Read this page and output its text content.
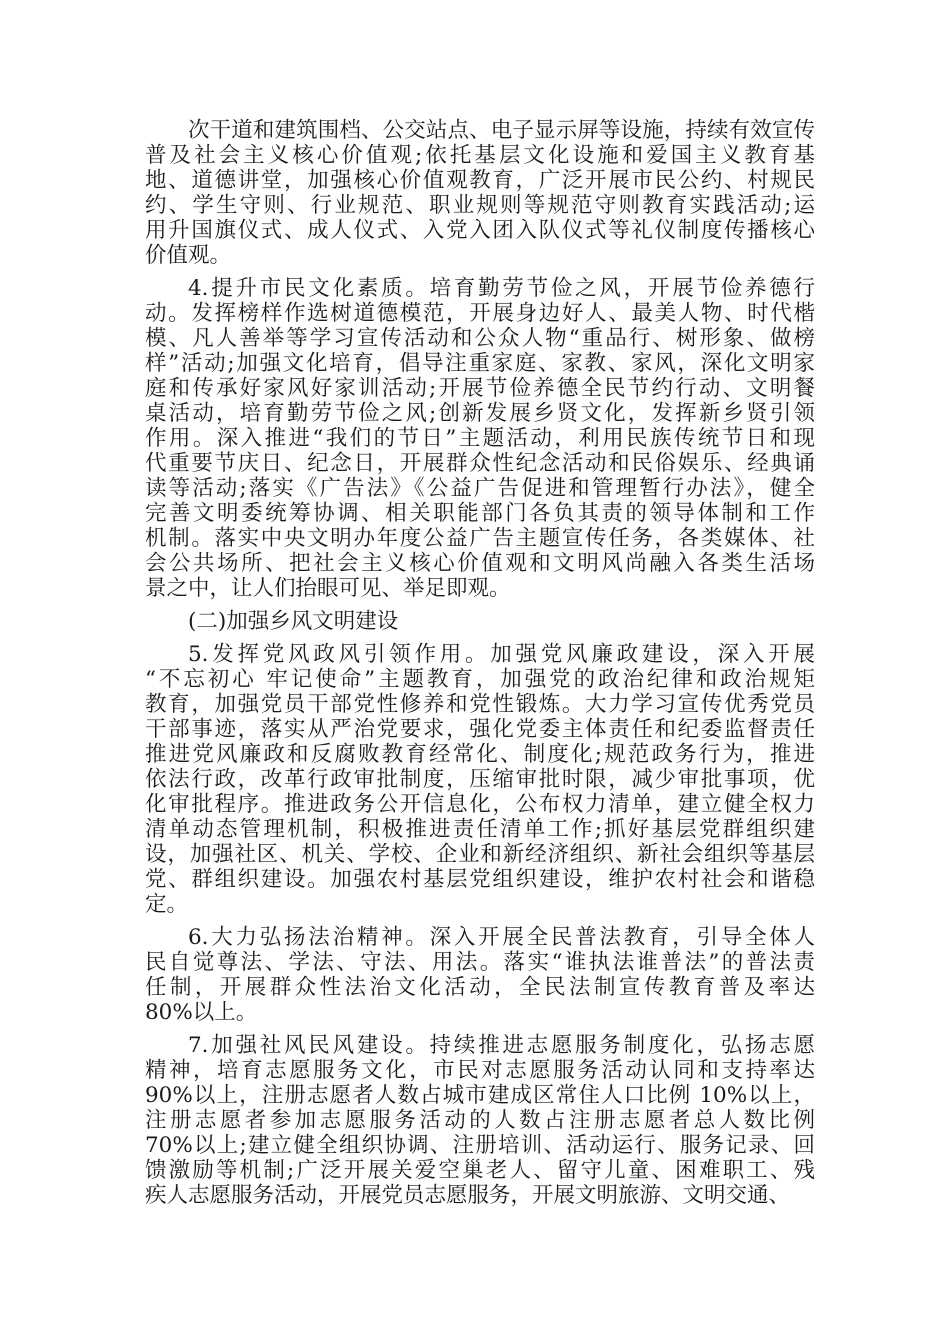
次干道和建筑围档、公交站点、电子显示屏等设施，持续有效宣传
普及社会主义核心价值观;依托基层文化设施和爱国主义教育基
地、道德讲堂，加强核心价值观教育，广泛开展市民公约、村规民
约、学生守则、行业规范、职业规则等规范守则教育实践活动;运
用升国旗仪式、成人仪式、入党入团入队仪式等礼仪制度传播核心
价值观。
4.提升市民文化素质。培育勤劳节俭之风，开展节俭养德行
动。发挥榜样作选树道德模范，开展身边好人、最美人物、时代楷
模、凡人善举等学习宣传活动和公众人物“重品行、树形象、做榜
样”活动;加强文化培育，倡导注重家庭、家教、家风，深化文明家
庭和传承好家风好家训活动;开展节俭养德全民节约行动、文明餐
桌活动，培育勤劳节俭之风;创新发展乡贤文化，发挥新乡贤引领
作用。深入推进“我们的节日”主题活动，利用民族传统节日和现
代重要节庆日、纪念日，开展群众性纪念活动和民俗娱乐、经典诵
读等活动;落实《广告法》《公益广告促进和管理暂行办法》，健全
完善文明委统筹协调、相关职能部门各负其责的领导体制和工作
机制。落实中央文明办年度公益广告主题宣传任务，各类媒体、社
会公共场所、把社会主义核心价值观和文明风尚融入各类生活场
景之中，让人们抬眼可见、举足即观。
(二)加强乡风文明建设
5.发挥党风政风引领作用。加强党风廉政建设，深入开展
“不忘初心 牢记使命”主题教育，加强党的政治纪律和政治规矩
教育，加强党员干部党性修养和党性锻炼。大力学习宣传优秀党员
干部事迹，落实从严治党要求，强化党委主体责任和纪委监督责任
推进党风廉政和反腐败教育经常化、制度化;规范政务行为，推进
依法行政，改革行政审批制度，压缩审批时限，减少审批事项，优
化审批程序。推进政务公开信息化，公布权力清单，建立健全权力
清单动态管理机制，积极推进责任清单工作;抓好基层党群组织建
设，加强社区、机关、学校、企业和新经济组织、新社会组织等基层
党、群组织建设。加强农村基层党组织建设，维护农村社会和谐稳
定。
6.大力弘扬法治精神。深入开展全民普法教育，引导全体人
民自觉尊法、学法、守法、用法。落实“谁执法谁普法”的普法责
任制，开展群众性法治文化活动，全民法制宣传教育普及率达
80%以上。
7.加强社风民风建设。持续推进志愿服务制度化，弘扬志愿
精神，培育志愿服务文化，市民对志愿服务活动认同和支持率达
90%以上，注册志愿者人数占城市建成区常住人口比例 10%以上，
注册志愿者参加志愿服务活动的人数占注册志愿者总人数比例
70%以上;建立健全组织协调、注册培训、活动运行、服务记录、回
馈激励等机制;广泛开展关爱空巢老人、留守儿童、困难职工、残
疾人志愿服务活动，开展党员志愿服务，开展文明旅游、文明交通、
